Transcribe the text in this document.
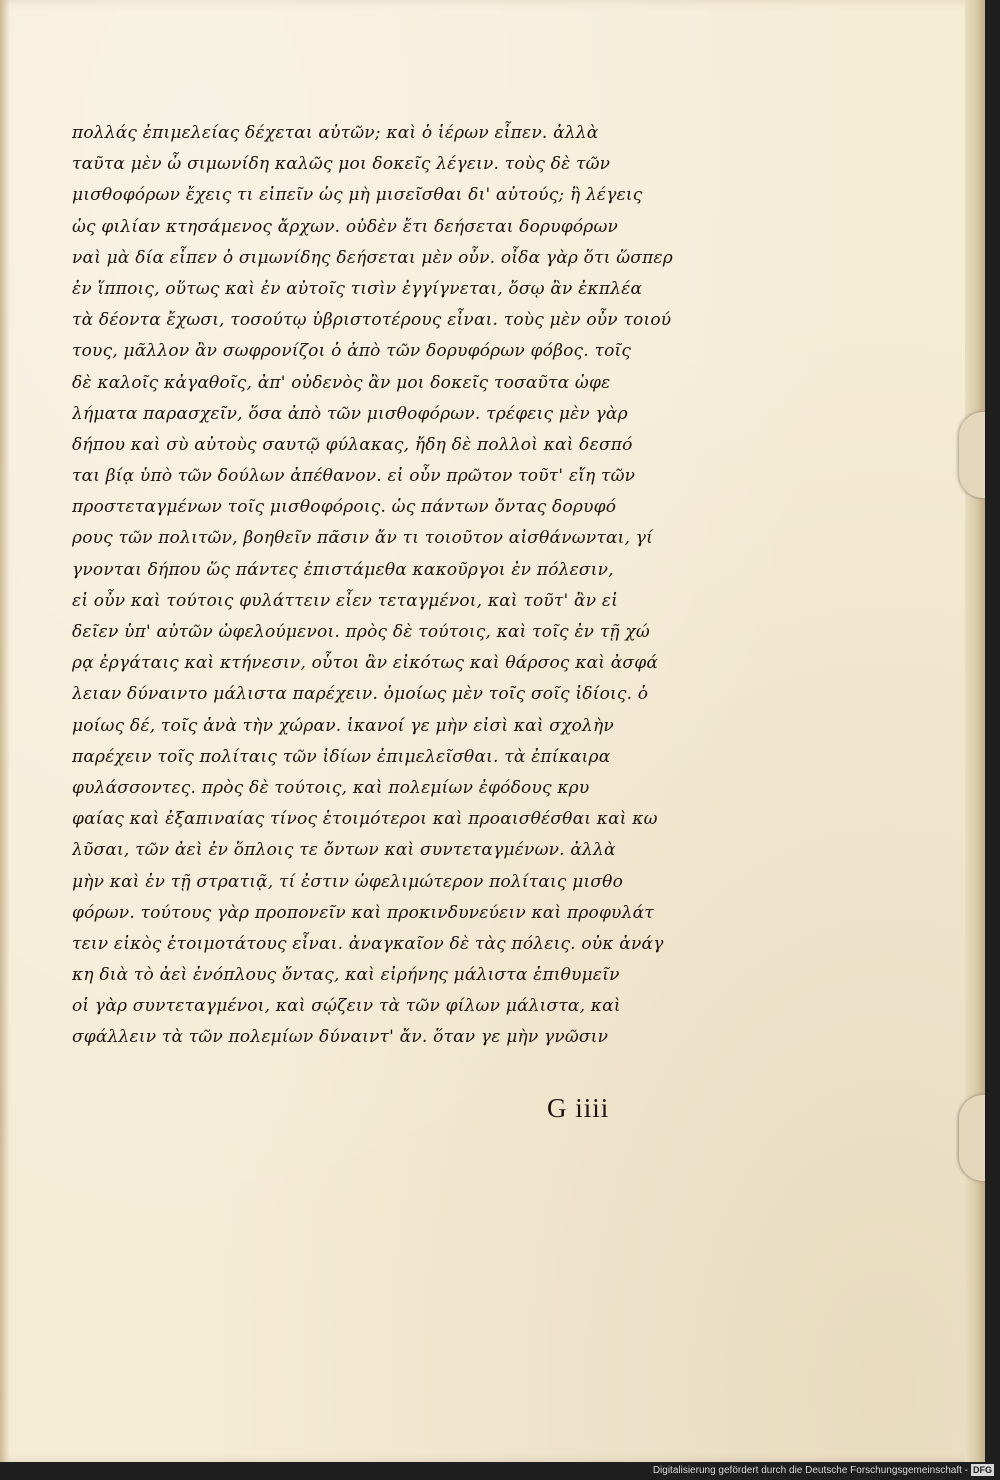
πολλάς ἐπιμελείας δέχεται αὐτῶν; καὶ ὁ ἱέρων εἶπεν. ἀλλὰ
ταῦτα μὲν ὦ σιμωνίδη καλῶς μοι δοκεῖς λέγειν. τοὺς δὲ τῶν
μισθοφόρων ἔχεις τι εἰπεῖν ὡς μὴ μισεῖσθαι δι' αὐτούς; ἢ λέγεις
ὡς φιλίαν κτησάμενος ἄρχων. οὐδὲν ἔτι δεήσεται δορυφόρων
ναὶ μὰ δία εἶπεν ὁ σιμωνίδης δεήσεται μὲν οὖν. οἶδα γὰρ ὅτι ὥσπερ
ἐν ἵπποις, οὕτως καὶ ἐν αὐτοῖς τισὶν ἐγγίγνεται, ὅσῳ ἂν ἐκπλέα
τὰ δέοντα ἔχωσι, τοσούτῳ ὑβριστοτέρους εἶναι. τοὺς μὲν οὖν τοιού
τους, μᾶλλον ἂν σωφρονίζοι ὁ ἀπὸ τῶν δορυφόρων φόβος. τοῖς
δὲ καλοῖς κἀγαθοῖς, ἀπ' οὐδενὸς ἂν μοι δοκεῖς τοσαῦτα ὠφε
λήματα παρασχεῖν, ὅσα ἀπὸ τῶν μισθοφόρων. τρέφεις μὲν γὰρ
δήπου καὶ σὺ αὐτοὺς σαυτῷ φύλακας, ἤδη δὲ πολλοὶ καὶ δεσπό
ται βίᾳ ὑπὸ τῶν δούλων ἀπέθανον. εἰ οὖν πρῶτον τοῦτ' εἴη τῶν
προστεταγμένων τοῖς μισθοφόροις. ὡς πάντων ὄντας δορυφό
ρους τῶν πολιτῶν, βοηθεῖν πᾶσιν ἄν τι τοιοῦτον αἰσθάνωνται, γί
γνονται δήπου ὥς πάντες ἐπιστάμεθα κακοῦργοι ἐν πόλεσιν,
εἰ οὖν καὶ τούτοις φυλάττειν εἶεν τεταγμένοι, καὶ τοῦτ' ἂν εἰ
δεῖεν ὑπ' αὐτῶν ὠφελούμενοι. πρὸς δὲ τούτοις, καὶ τοῖς ἐν τῇ χώ
ρᾳ ἐργάταις καὶ κτήνεσιν, οὗτοι ἂν εἰκότως καὶ θάρσος καὶ ἀσφά
λειαν δύναιντο μάλιστα παρέχειν. ὁμοίως μὲν τοῖς σοῖς ἰδίοις. ὁ
μοίως δέ, τοῖς ἀνὰ τὴν χώραν. ἱκανοί γε μὴν εἰσὶ καὶ σχολὴν
παρέχειν τοῖς πολίταις τῶν ἰδίων ἐπιμελεῖσθαι. τὰ ἐπίκαιρα
φυλάσσοντες. πρὸς δὲ τούτοις, καὶ πολεμίων ἐφόδους κρυ
φαίας καὶ ἐξαπιναίας τίνος ἑτοιμότεροι καὶ προαισθέσθαι καὶ κω
λῦσαι, τῶν ἀεὶ ἐν ὅπλοις τε ὄντων καὶ συντεταγμένων. ἀλλὰ
μὴν καὶ ἐν τῇ στρατιᾷ, τί ἐστιν ὠφελιμώτερον πολίταις μισθο
φόρων. τούτους γὰρ προπονεῖν καὶ προκινδυνεύειν καὶ προφυλάτ
τειν εἰκὸς ἑτοιμοτάτους εἶναι. ἀναγκαῖον δὲ τὰς πόλεις. οὐκ ἀνάγ
κη διὰ τὸ ἀεὶ ἐνόπλους ὄντας, καὶ εἰρήνης μάλιστα ἐπιθυμεῖν
οἱ γὰρ συντεταγμένοι, καὶ σῴζειν τὰ τῶν φίλων μάλιστα, καὶ
σφάλλειν τὰ τῶν πολεμίων δύναιντ' ἄν. ὅταν γε μὴν γνῶσιν
G iiii
Digitalisierung gefördert durch die Deutsche Forschungsgemeinschaft - DFG
